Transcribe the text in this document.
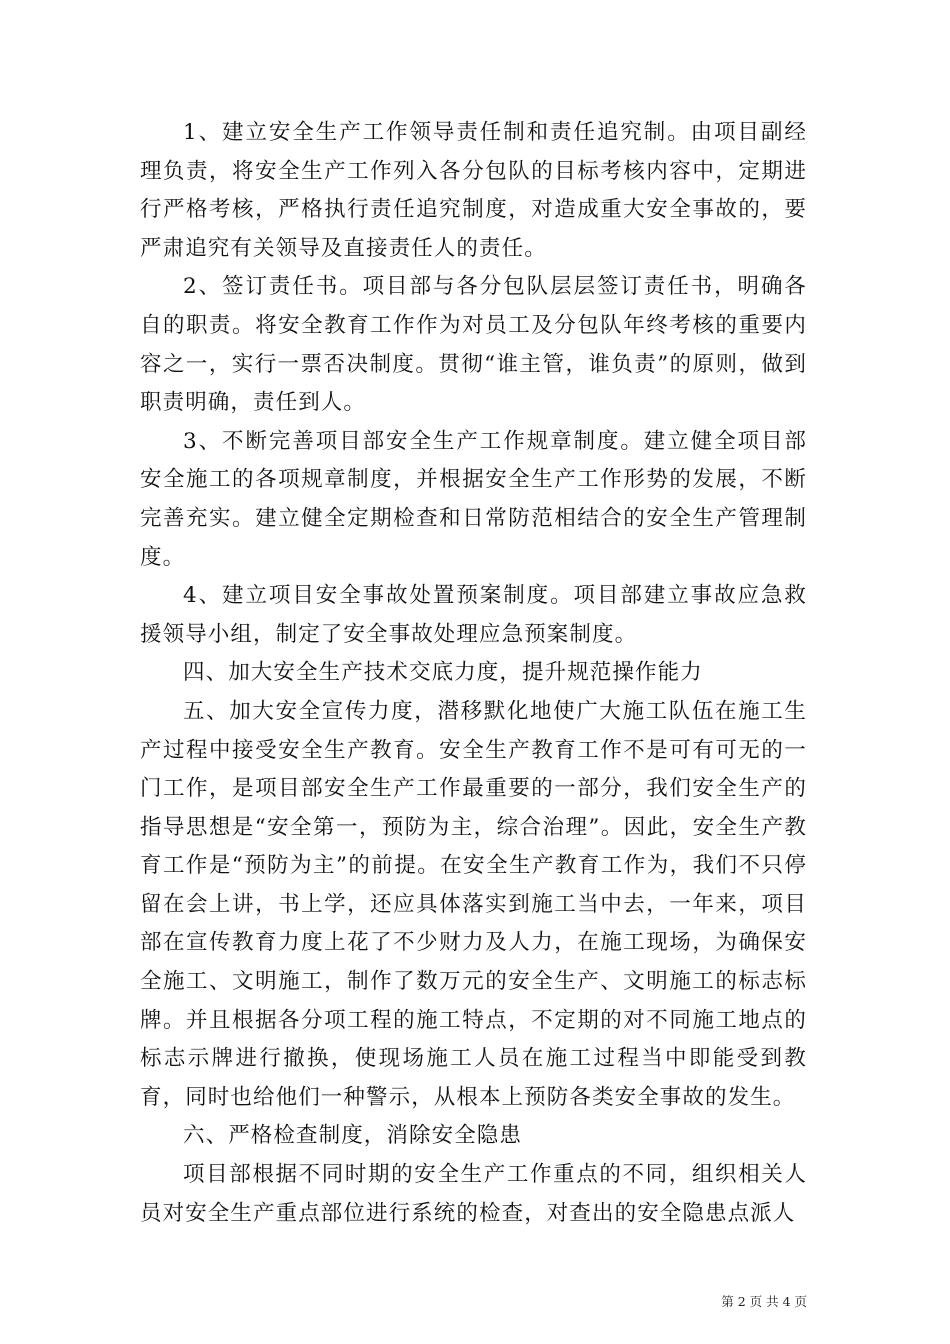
1、建立安全生产工作领导责任制和责任追究制。由项目副经理负责，将安全生产工作列入各分包队的目标考核内容中，定期进行严格考核，严格执行责任追究制度，对造成重大安全事故的，要严肃追究有关领导及直接责任人的责任。

2、签订责任书。项目部与各分包队层层签订责任书，明确各自的职责。将安全教育工作作为对员工及分包队年终考核的重要内容之一，实行一票否决制度。贯彻“谁主管，谁负责”的原则，做到职责明确，责任到人。

3、不断完善项目部安全生产工作规章制度。建立健全项目部安全施工的各项规章制度，并根据安全生产工作形势的发展，不断完善充实。建立健全定期检查和日常防范相结合的安全生产管理制度。

4、建立项目安全事故处置预案制度。项目部建立事故应急救援领导小组，制定了安全事故处理应急预案制度。

四、加大安全生产技术交底力度，提升规范操作能力

五、加大安全宣传力度，潜移默化地使广大施工队伍在施工生产过程中接受安全生产教育。安全生产教育工作不是可有可无的一门工作，是项目部安全生产工作最重要的一部分，我们安全生产的指导思想是“安全第一，预防为主，综合治理”。因此，安全生产教育工作是“预防为主”的前提。在安全生产教育工作为，我们不只停留在会上讲，书上学，还应具体落实到施工当中去，一年来，项目部在宣传教育力度上花了不少财力及人力，在施工现场，为确保安全施工、文明施工，制作了数万元的安全生产、文明施工的标志标牌。并且根据各分项工程的施工特点，不定期的对不同施工地点的标志示牌进行撤换，使现场施工人员在施工过程当中即能受到教育，同时也给他们一种警示，从根本上预防各类安全事故的发生。

六、严格检查制度，消除安全隐患

项目部根据不同时期的安全生产工作重点的不同，组织相关人员对安全生产重点部位进行系统的检查，对查出的安全隐患点派人

第 2 页 共 4 页
